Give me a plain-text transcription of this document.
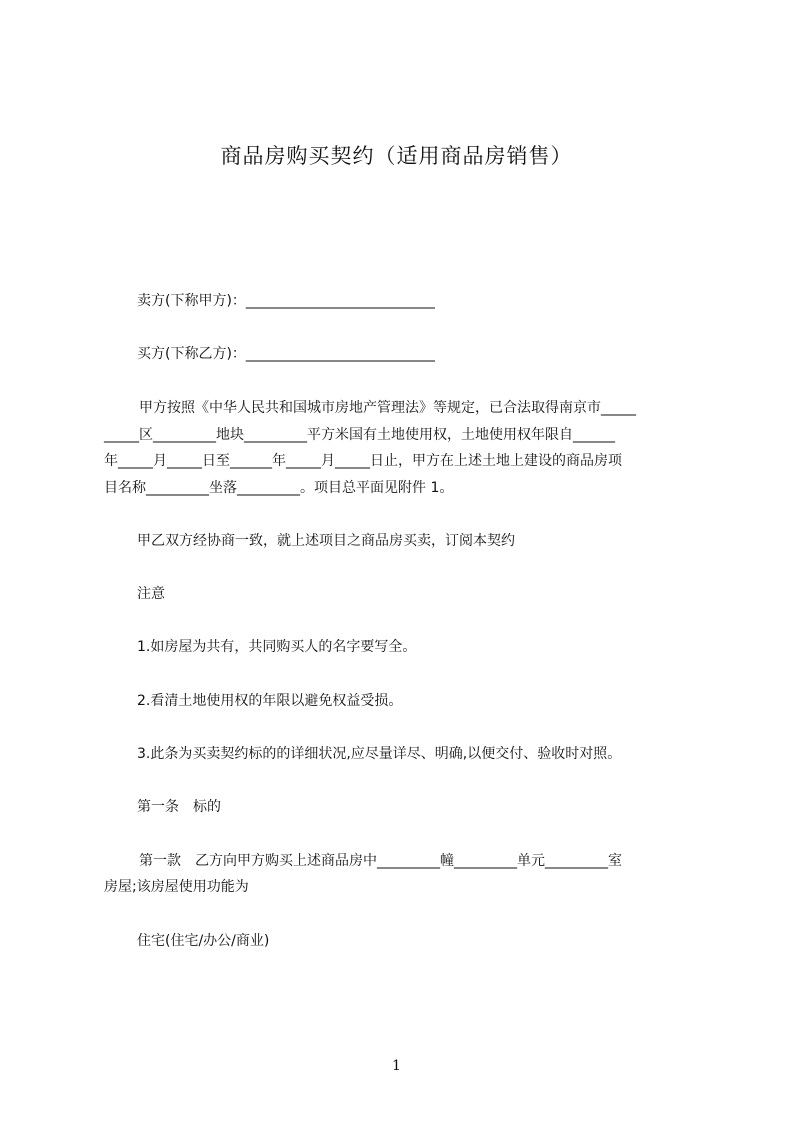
商品房购买契约（适用商品房销售）
卖方(下称甲方)：___________________________
买方(下称乙方)：___________________________
甲方按照《中华人民共和国城市房地产管理法》等规定，已合法取得南京市_____
_____区_________地块_________平方米国有土地使用权，土地使用权年限自______
年_____月_____日至______年_____月_____日止，甲方在上述土地上建设的商品房项
目名称_________坐落_________。项目总平面见附件 1。
甲乙双方经协商一致，就上述项目之商品房买卖，订阅本契约
注意
1.如房屋为共有，共同购买人的名字要写全。
2.看清土地使用权的年限以避免权益受损。
3.此条为买卖契约标的的详细状况,应尽量详尽、明确,以便交付、验收时对照。
第一条　标的
第一款　乙方向甲方购买上述商品房中_________幢_________单元_________室
房屋;该房屋使用功能为
住宅(住宅/办公/商业)
1
